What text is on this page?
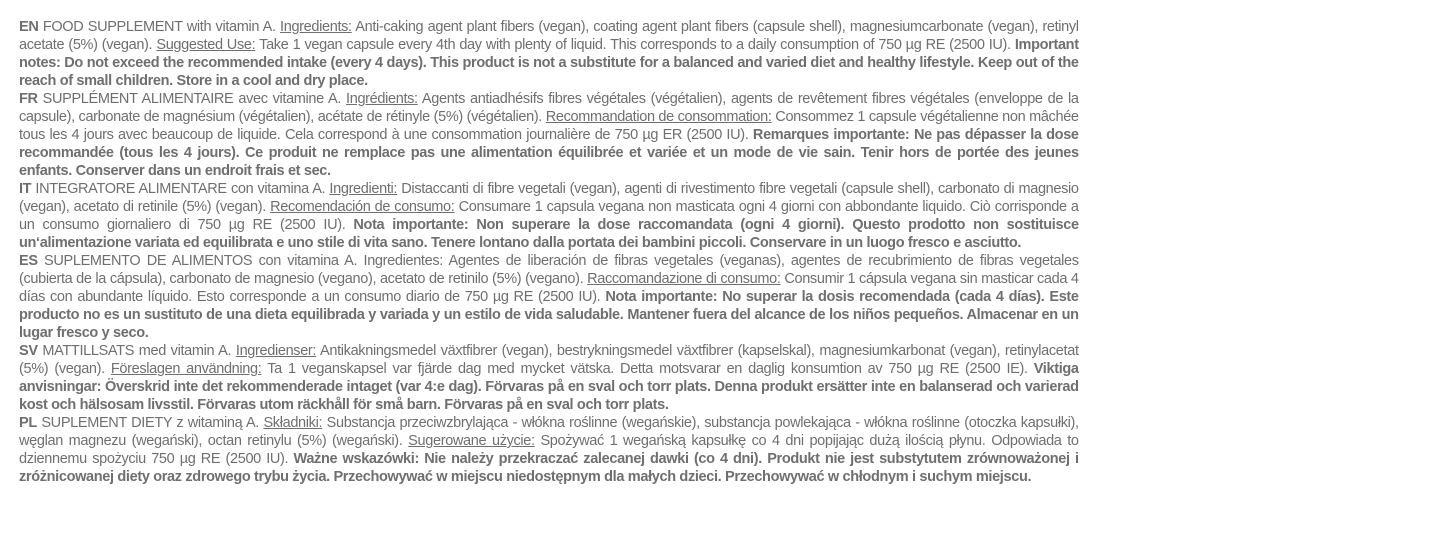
EN FOOD SUPPLEMENT with vitamin A. Ingredients: Anti-caking agent plant fibers (vegan), coating agent plant fibers (capsule shell), magnesiumcarbonate (vegan), retinyl acetate (5%) (vegan). Suggested Use: Take 1 vegan capsule every 4th day with plenty of liquid. This corresponds to a daily consumption of 750 µg RE (2500 IU). Important notes: Do not exceed the recommended intake (every 4 days). This product is not a substitute for a balanced and varied diet and healthy lifestyle. Keep out of the reach of small children. Store in a cool and dry place.

FR SUPPLÉMENT ALIMENTAIRE avec vitamine A. Ingrédients: Agents antiadhésifs fibres végétales (végétalien), agents de revêtement fibres végétales (enveloppe de la capsule), carbonate de magnésium (végétalien), acétate de rétinyle (5%) (végétalien). Recommandation de consommation: Consommez 1 capsule végétalienne non mâchée tous les 4 jours avec beaucoup de liquide. Cela correspond à une consommation journalière de 750 µg ER (2500 IU). Remarques importante: Ne pas dépasser la dose recommandée (tous les 4 jours). Ce produit ne remplace pas une alimentation équilibrée et variée et un mode de vie sain. Tenir hors de portée des jeunes enfants. Conserver dans un endroit frais et sec.

IT INTEGRATORE ALIMENTARE con vitamina A. Ingredienti: Distaccanti di fibre vegetali (vegan), agenti di rivestimento fibre vegetali (capsule shell), carbonato di magnesio (vegan), acetato di retinile (5%) (vegan). Recomendación de consumo: Consumare 1 capsula vegana non masticata ogni 4 giorni con abbondante liquido. Ciò corrisponde a un consumo giornaliero di 750 µg RE (2500 IU). Nota importante: Non superare la dose raccomandata (ogni 4 giorni). Questo prodotto non sostituisce un‘alimentazione variata ed equilibrata e uno stile di vita sano. Tenere lontano dalla portata dei bambini piccoli. Conservare in un luogo fresco e asciutto.

ES SUPLEMENTO DE ALIMENTOS con vitamina A. Ingredientes: Agentes de liberación de fibras vegetales (veganas), agentes de recubrimiento de fibras vegetales (cubierta de la cápsula), carbonato de magnesio (vegano), acetato de retinilo (5%) (vegano). Raccomandazione di consumo: Consumir 1 cápsula vegana sin masticar cada 4 días con abundante líquido. Esto corresponde a un consumo diario de 750 µg RE (2500 IU). Nota importante: No superar la dosis recomendada (cada 4 días). Este producto no es un sustituto de una dieta equilibrada y variada y un estilo de vida saludable. Mantener fuera del alcance de los niños pequeños. Almacenar en un lugar fresco y seco.

SV MATTILLSATS med vitamin A. Ingredienser: Antikakningsmedel växtfibrer (vegan), bestrykningsmedel växtfibrer (kapselskal), magnesiumkarbonat (vegan), retinylacetat (5%) (vegan). Föreslagen användning: Ta 1 veganskapsel var fjärde dag med mycket vätska. Detta motsvarar en daglig konsumtion av 750 µg RE (2500 IE). Viktiga anvisningar: Överskrid inte det rekommenderade intaget (var 4:e dag). Förvaras på en sval och torr plats. Denna produkt ersätter inte en balanserad och varierad kost och hälsosam livsstil. Förvaras utom räckhåll för små barn. Förvaras på en sval och torr plats.

PL SUPLEMENT DIETY z witaminą A. Składniki: Substancja przeciwzbrylająca - włókna roślinne (wegańskie), substancja powlekająca - włókna roślinne (otoczka kapsułki), węglan magnezu (wegański), octan retinylu (5%) (wegański). Sugerowane użycie: Spożywać 1 wegańską kapsułkę co 4 dni popijając dużą ilością płynu. Odpowiada to dziennemu spożyciu 750 µg RE (2500 IU). Ważne wskazówki: Nie należy przekraczać zalecanej dawki (co 4 dni). Produkt nie jest substytutem zrównoważonej i zróżnicowanej diety oraz zdrowego trybu życia. Przechowywać w miejscu niedostępnym dla małych dzieci. Przechowywać w chłodnym i suchym miejscu.
